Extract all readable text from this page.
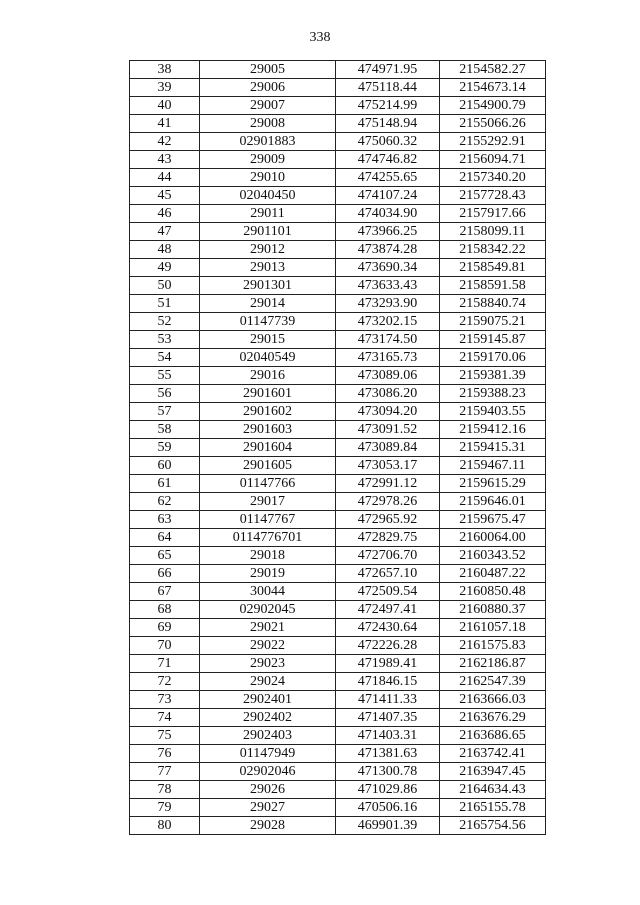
338
38	29005	474971.95	2154582.27
39	29006	475118.44	2154673.14
40	29007	475214.99	2154900.79
41	29008	475148.94	2155066.26
42	02901883	475060.32	2155292.91
43	29009	474746.82	2156094.71
44	29010	474255.65	2157340.20
45	02040450	474107.24	2157728.43
46	29011	474034.90	2157917.66
47	2901101	473966.25	2158099.11
48	29012	473874.28	2158342.22
49	29013	473690.34	2158549.81
50	2901301	473633.43	2158591.58
51	29014	473293.90	2158840.74
52	01147739	473202.15	2159075.21
53	29015	473174.50	2159145.87
54	02040549	473165.73	2159170.06
55	29016	473089.06	2159381.39
56	2901601	473086.20	2159388.23
57	2901602	473094.20	2159403.55
58	2901603	473091.52	2159412.16
59	2901604	473089.84	2159415.31
60	2901605	473053.17	2159467.11
61	01147766	472991.12	2159615.29
62	29017	472978.26	2159646.01
63	01147767	472965.92	2159675.47
64	0114776701	472829.75	2160064.00
65	29018	472706.70	2160343.52
66	29019	472657.10	2160487.22
67	30044	472509.54	2160850.48
68	02902045	472497.41	2160880.37
69	29021	472430.64	2161057.18
70	29022	472226.28	2161575.83
71	29023	471989.41	2162186.87
72	29024	471846.15	2162547.39
73	2902401	471411.33	2163666.03
74	2902402	471407.35	2163676.29
75	2902403	471403.31	2163686.65
76	01147949	471381.63	2163742.41
77	02902046	471300.78	2163947.45
78	29026	471029.86	2164634.43
79	29027	470506.16	2165155.78
80	29028	469901.39	2165754.56
